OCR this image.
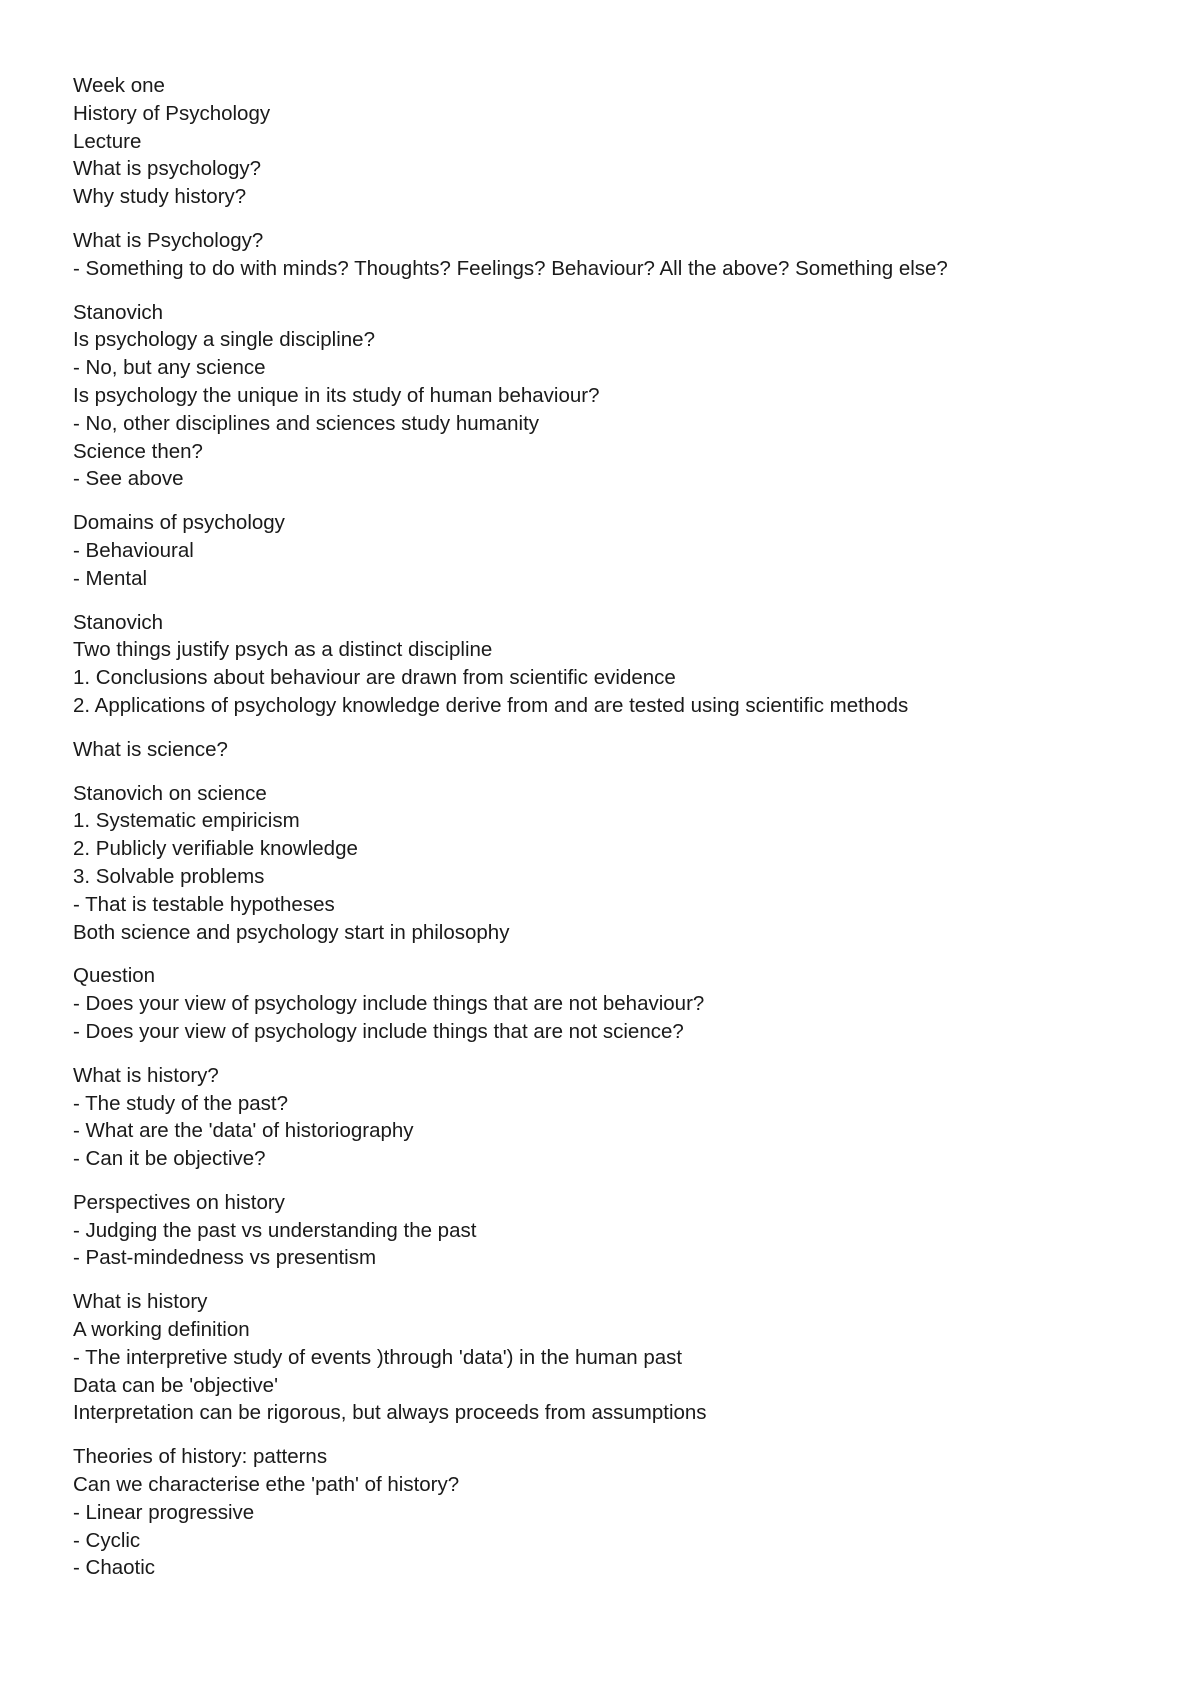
Week one
History of Psychology
Lecture
What is psychology?
Why study history?
What is Psychology?
- Something to do with minds? Thoughts? Feelings? Behaviour? All the above? Something else?
Stanovich
Is psychology a single discipline?
- No, but any science
Is psychology the unique in its study of human behaviour?
- No, other disciplines and sciences study humanity
Science then?
- See above
Domains of psychology
- Behavioural
- Mental
Stanovich
Two things justify psych as a distinct discipline
1. Conclusions about behaviour are drawn from scientific evidence
2. Applications of psychology knowledge derive from and are tested using scientific methods
What is science?
Stanovich on science
1. Systematic empiricism
2. Publicly verifiable knowledge
3. Solvable problems
- That is testable hypotheses
Both science and psychology start in philosophy
Question
- Does your view of psychology include things that are not behaviour?
- Does your view of psychology include things that are not science?
What is history?
- The study of the past?
- What are the 'data' of historiography
- Can it be objective?
Perspectives on history
- Judging the past vs understanding the past
- Past-mindedness vs presentism
What is history
A working definition
- The interpretive study of events )through 'data') in the human past
Data can be 'objective'
Interpretation can be rigorous, but always proceeds from assumptions
Theories of history: patterns
Can we characterise ethe 'path' of history?
- Linear progressive
- Cyclic
- Chaotic
